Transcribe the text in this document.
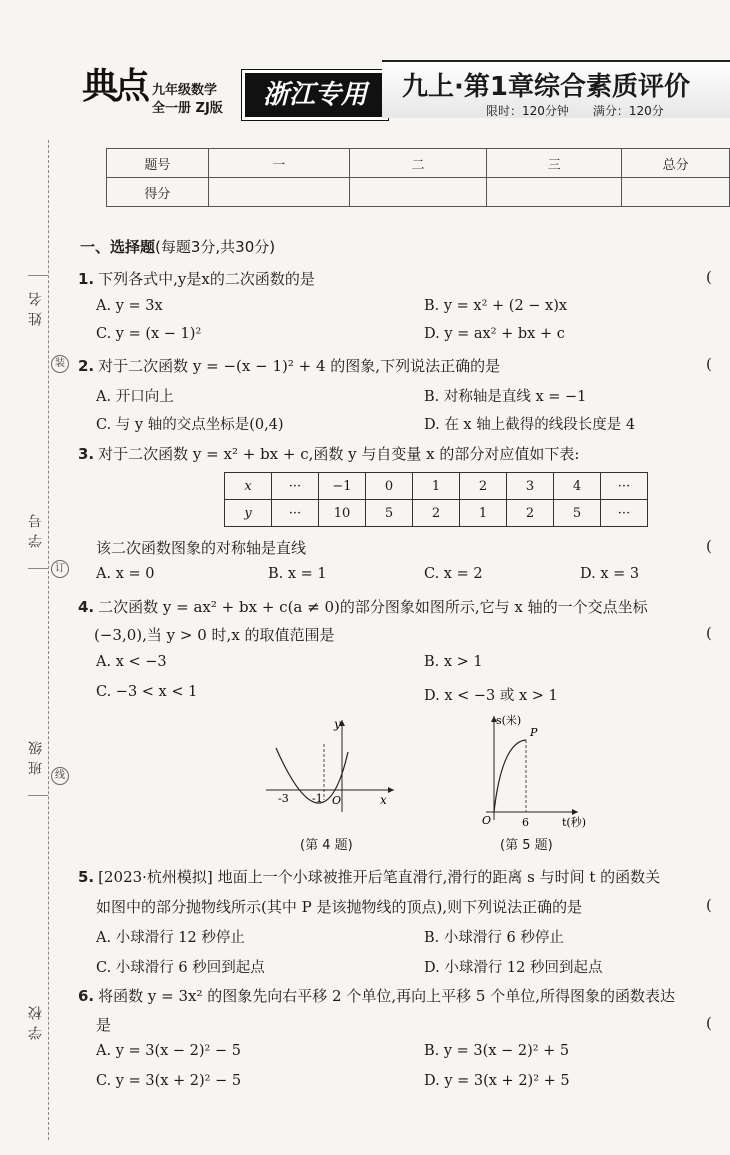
姓名
装
学号
订
班级
线
学校
典点 九年级数学
全一册 ZJ版	浙江专用	九上·第1章综合素质评价
限时：120分钟　　满分：120分
题号	一	二	三	总分
得分				
一、选择题(每题3分,共30分)
1. 下列各式中,y是x的二次函数的是	(
A. y = 3x	B. y = x² + (2 − x)x
C. y = (x − 1)²	D. y = ax² + bx + c
2. 对于二次函数 y = −(x − 1)² + 4 的图象,下列说法正确的是	(
A. 开口向上	B. 对称轴是直线 x = −1
C. 与 y 轴的交点坐标是(0,4)	D. 在 x 轴上截得的线段长度是 4
3. 对于二次函数 y = x² + bx + c,函数 y 与自变量 x 的部分对应值如下表:
x	···	−1	0	1	2	3	4	···
y	···	10	5	2	1	2	5	···
该二次函数图象的对称轴是直线	(
A. x = 0	B. x = 1	C. x = 2	D. x = 3
4. 二次函数 y = ax² + bx + c(a ≠ 0)的部分图象如图所示,它与 x 轴的一个交点坐标
(−3,0),当 y > 0 时,x 的取值范围是	(
A. x < −3	B. x > 1
C. −3 < x < 1	D. x < −3 或 x > 1
y
x
O
-3 -1
(第 4 题)
s(米)
t(秒)
O	6
P
(第 5 题)
5. [2023·杭州模拟] 地面上一个小球被推开后笔直滑行,滑行的距离 s 与时间 t 的函数关
如图中的部分抛物线所示(其中 P 是该抛物线的顶点),则下列说法正确的是	(
A. 小球滑行 12 秒停止	B. 小球滑行 6 秒停止
C. 小球滑行 6 秒回到起点	D. 小球滑行 12 秒回到起点
6. 将函数 y = 3x² 的图象先向右平移 2 个单位,再向上平移 5 个单位,所得图象的函数表达
是	(
A. y = 3(x − 2)² − 5	B. y = 3(x − 2)² + 5
C. y = 3(x + 2)² − 5	D. y = 3(x + 2)² + 5
